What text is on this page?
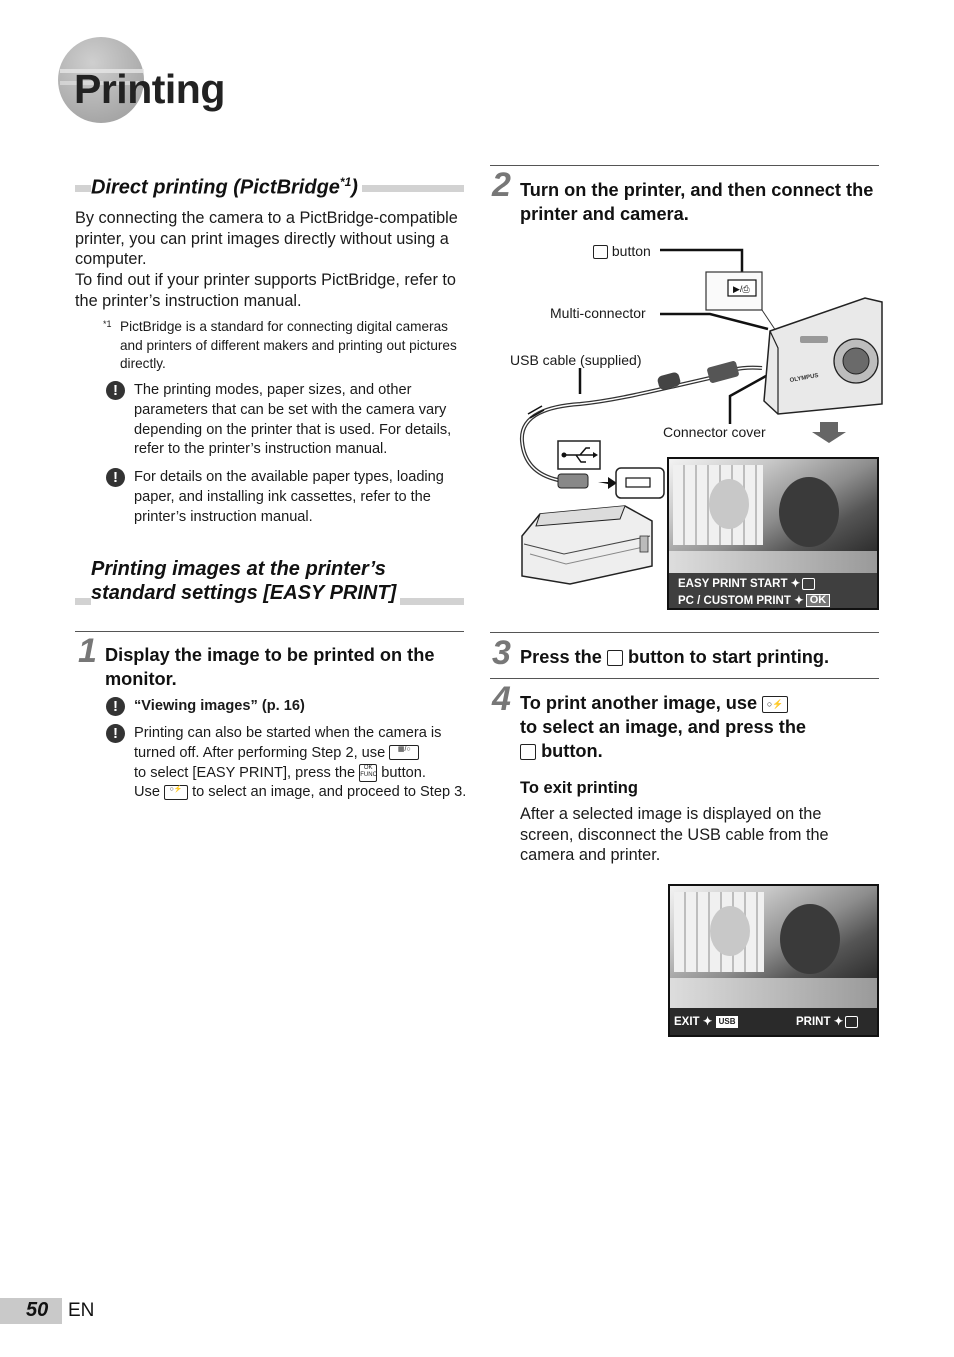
Printing
Direct printing (PictBridge$^{*1}$)
By connecting the camera to a PictBridge-compatible printer, you can print images directly without using a computer.
To find out if your printer supports PictBridge, refer to the printer’s instruction manual.
*1 PictBridge is a standard for connecting digital cameras and printers of different makers and printing out pictures directly.
!	The printing modes, paper sizes, and other parameters that can be set with the camera vary depending on the printer that is used. For details, refer to the printer’s instruction manual.
!	For details on the available paper types, loading paper, and installing ink cassettes, refer to the printer’s instruction manual.
Printing images at the printer’s
standard settings [EASY PRINT]
1 Display the image to be printed on the monitor.
!	“Viewing images” (p. 16)
!	Printing can also be started when the camera is turned off. After performing Step 2, use ▦/○
to select [EASY PRINT], press the OK
FUNC button.
Use ○⚡ to select an image, and proceed to Step 3.
2 Turn on the printer, and then connect the printer and camera.
▶/⎙
OLYMPUS
button
Multi-connector
USB cable (supplied)
Connector cover
EASY PRINT START ✦
PC / CUSTOM PRINT ✦ OK
3 Press the button to start printing.
4 To print another image, use ○⚡
to select an image, and press the
button.
To exit printing
After a selected image is displayed on the screen, disconnect the USB cable from the camera and printer.
EXIT ✦ USB	PRINT ✦
50 EN
